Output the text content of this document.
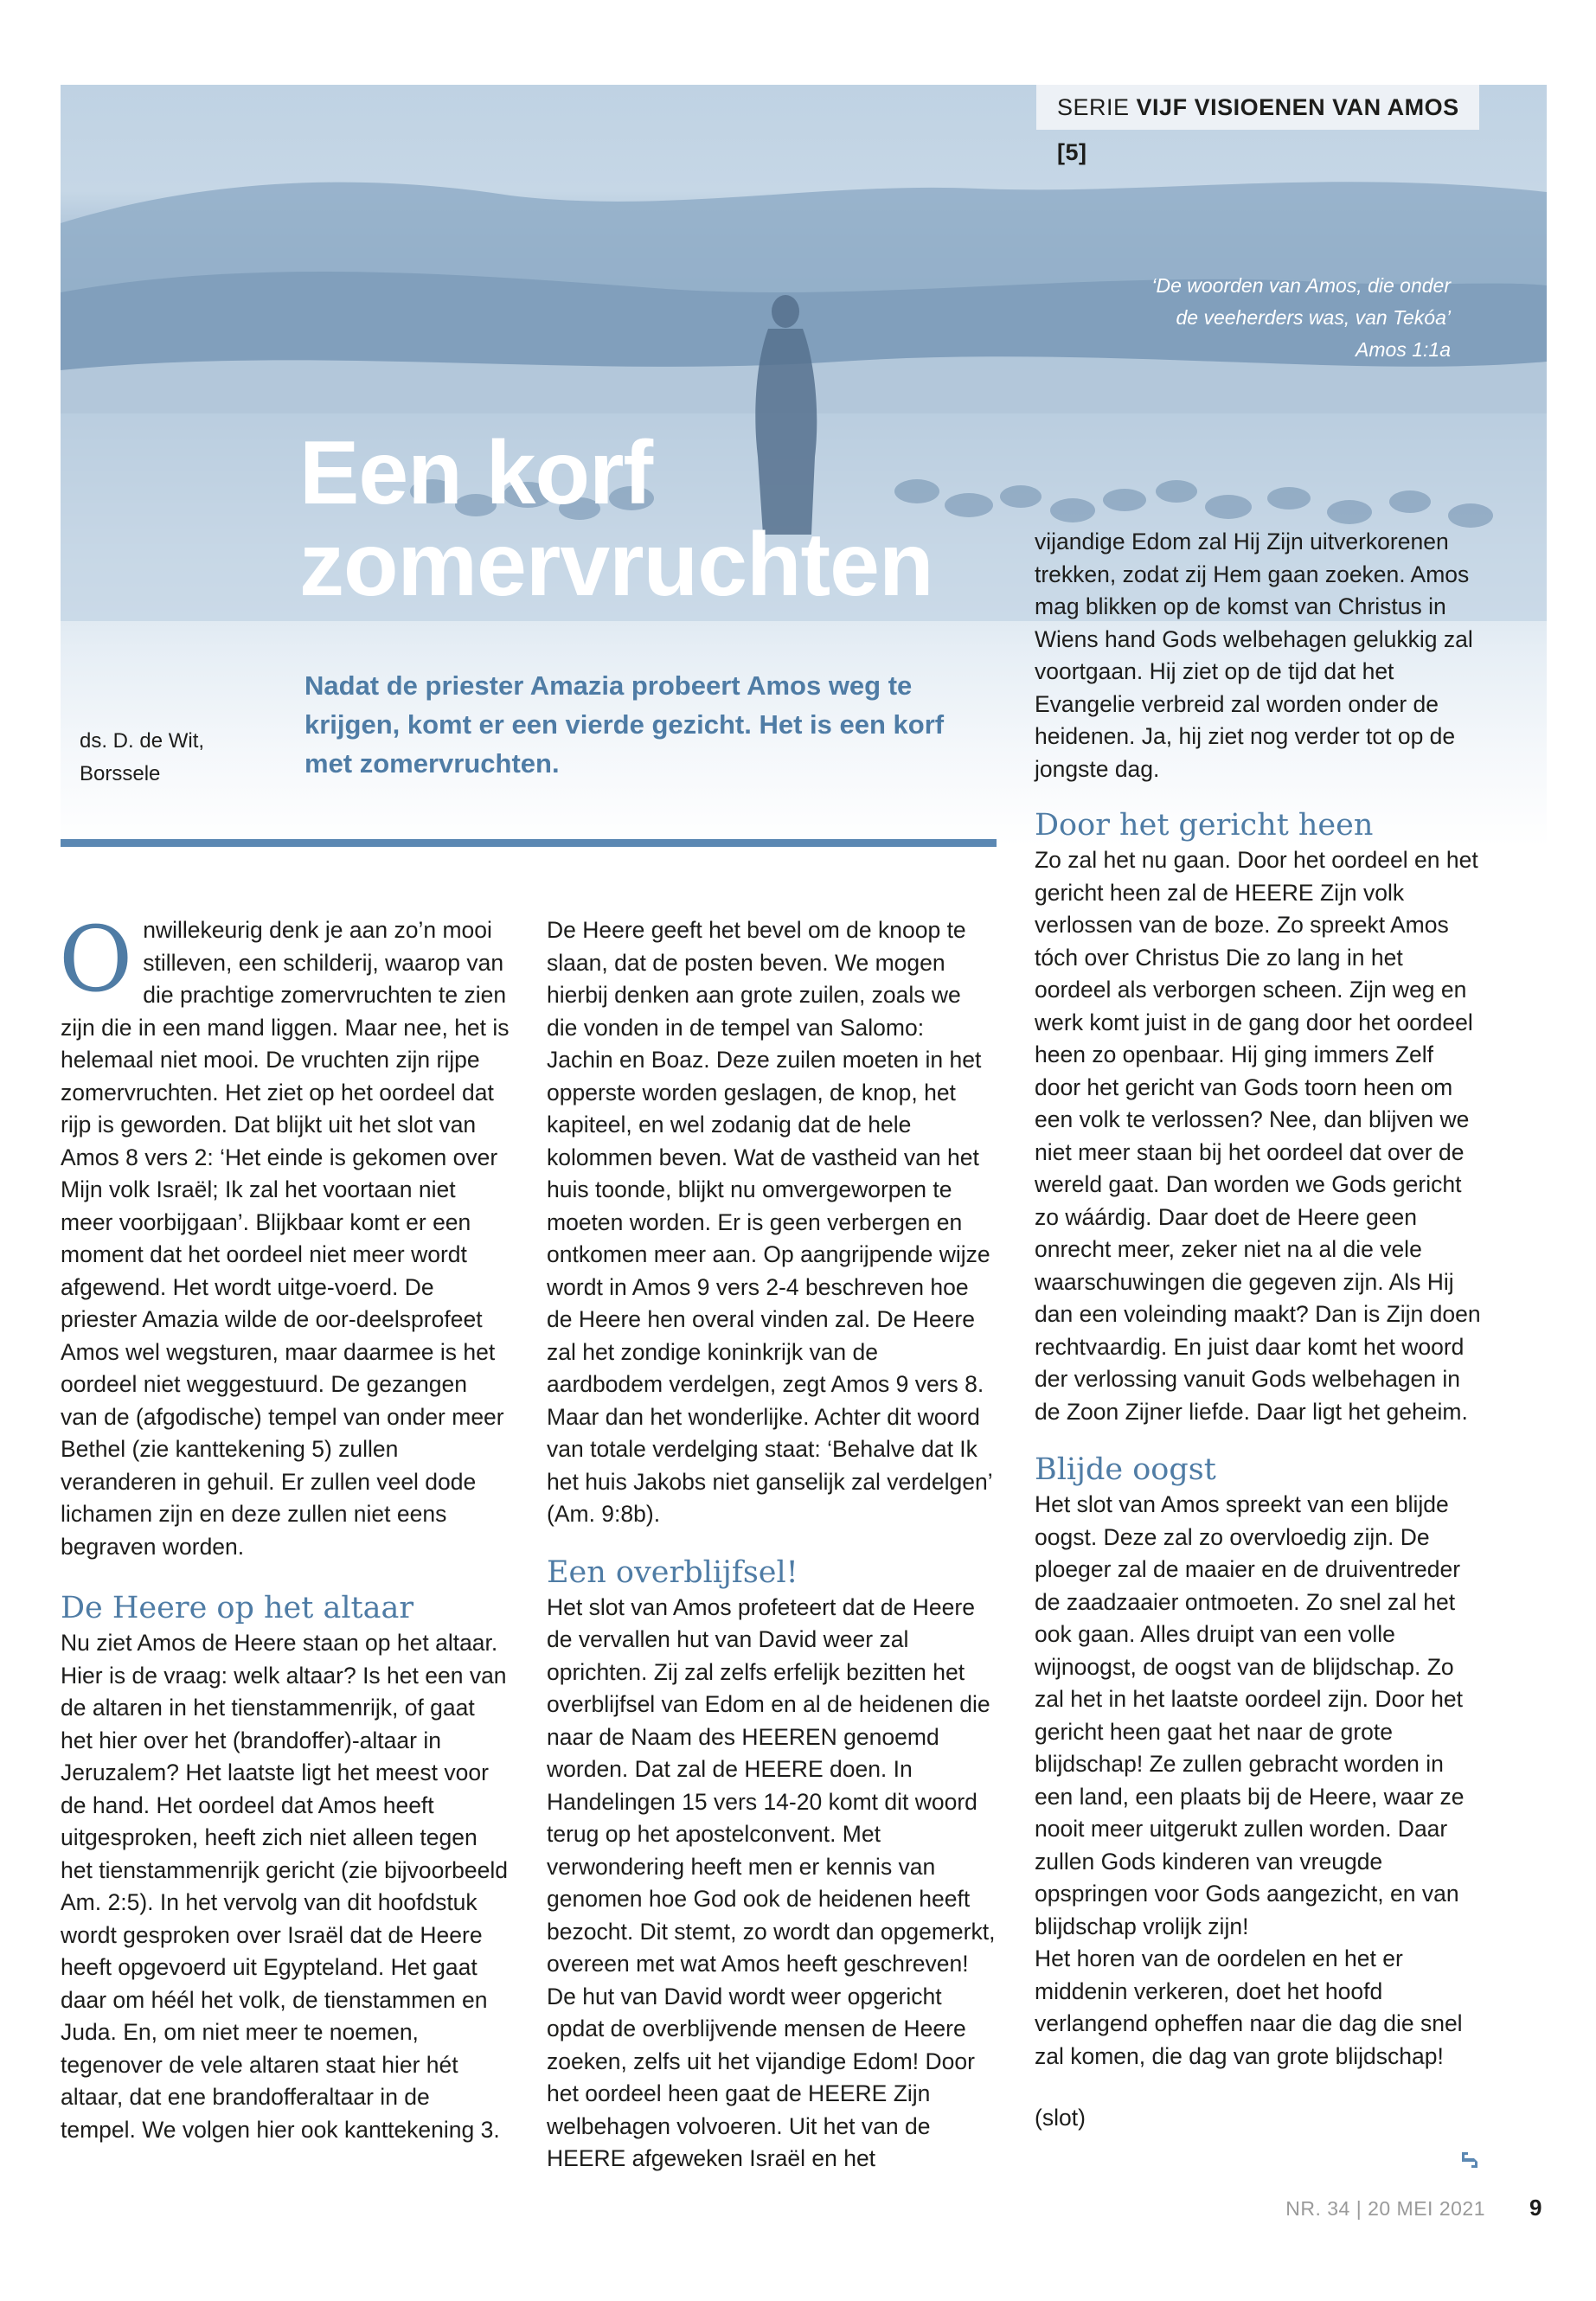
SERIE VIJF VISIOENEN VAN AMOS [5]
‘De woorden van Amos, die onder
de veeherders was, van Tekóa’
Amos 1:1a
Een korf
zomervruchten
Nadat de priester Amazia probeert Amos weg te krijgen, komt er een vierde gezicht. Het is een korf met zomervruchten.
ds. D. de Wit,
Borssele

Onwillekeurig denk je aan zo’n mooi stilleven, een schilderij, waarop van die prachtige zomervruchten te zien zijn die in een mand liggen. Maar nee, het is helemaal niet mooi. De vruchten zijn rijpe zomervruchten. Het ziet op het oordeel dat rijp is geworden. Dat blijkt uit het slot van Amos 8 vers 2: ‘Het einde is gekomen over Mijn volk Israël; Ik zal het voortaan niet meer voorbijgaan’. Blijkbaar komt er een moment dat het oordeel niet meer wordt afgewend. Het wordt uitge-voerd. De priester Amazia wilde de oor-deelsprofeet Amos wel wegsturen, maar daarmee is het oordeel niet weggestuurd. De gezangen van de (afgodische) tempel van onder meer Bethel (zie kanttekening 5) zullen veranderen in gehuil. Er zullen veel dode lichamen zijn en deze zullen niet eens begraven worden.

De Heere op het altaar

Nu ziet Amos de Heere staan op het altaar. Hier is de vraag: welk altaar? Is het een van de altaren in het tienstammenrijk, of gaat het hier over het (brandoffer)-altaar in Jeruzalem? Het laatste ligt het meest voor de hand. Het oordeel dat Amos heeft uitgesproken, heeft zich niet alleen tegen het tienstammenrijk gericht (zie bijvoorbeeld Am. 2:5). In het vervolg van dit hoofdstuk wordt gesproken over Israël dat de Heere heeft opgevoerd uit Egypteland. Het gaat daar om héél het volk, de tienstammen en Juda. En, om niet meer te noemen, tegenover de vele altaren staat hier hét altaar, dat ene brandofferaltaar in de tempel. We volgen hier ook kanttekening 3.

De Heere geeft het bevel om de knoop te slaan, dat de posten beven. We mogen hierbij denken aan grote zuilen, zoals we die vonden in de tempel van Salomo: Jachin en Boaz. Deze zuilen moeten in het opperste worden geslagen, de knop, het kapiteel, en wel zodanig dat de hele kolommen beven. Wat de vastheid van het huis toonde, blijkt nu omvergeworpen te moeten worden. Er is geen verbergen en ontkomen meer aan. Op aangrijpende wijze wordt in Amos 9 vers 2-4 beschreven hoe de Heere hen overal vinden zal. De Heere zal het zondige koninkrijk van de aardbodem verdelgen, zegt Amos 9 vers 8. Maar dan het wonderlijke. Achter dit woord van totale verdelging staat: ‘Behalve dat Ik het huis Jakobs niet ganselijk zal verdelgen’ (Am. 9:8b).

Een overblijfsel!

Het slot van Amos profeteert dat de Heere de vervallen hut van David weer zal oprichten. Zij zal zelfs erfelijk bezitten het overblijfsel van Edom en al de heidenen die naar de Naam des HEEREN genoemd worden. Dat zal de HEERE doen. In Handelingen 15 vers 14-20 komt dit woord terug op het apostelconvent. Met verwondering heeft men er kennis van genomen hoe God ook de heidenen heeft bezocht. Dit stemt, zo wordt dan opgemerkt, overeen met wat Amos heeft geschreven! De hut van David wordt weer opgericht opdat de overblijvende mensen de Heere zoeken, zelfs uit het vijandige Edom! Door het oordeel heen gaat de HEERE Zijn welbehagen volvoeren. Uit het van de HEERE afgeweken Israël en het

vijandige Edom zal Hij Zijn uitverkorenen trekken, zodat zij Hem gaan zoeken. Amos mag blikken op de komst van Christus in Wiens hand Gods welbehagen gelukkig zal voortgaan. Hij ziet op de tijd dat het Evangelie verbreid zal worden onder de heidenen. Ja, hij ziet nog verder tot op de jongste dag.

Door het gericht heen

Zo zal het nu gaan. Door het oordeel en het gericht heen zal de HEERE Zijn volk verlossen van de boze. Zo spreekt Amos tóch over Christus Die zo lang in het oordeel als verborgen scheen. Zijn weg en werk komt juist in de gang door het oordeel heen zo openbaar. Hij ging immers Zelf door het gericht van Gods toorn heen om een volk te verlossen? Nee, dan blijven we niet meer staan bij het oordeel dat over de wereld gaat. Dan worden we Gods gericht zo wáárdig. Daar doet de Heere geen onrecht meer, zeker niet na al die vele waarschuwingen die gegeven zijn. Als Hij dan een voleinding maakt? Dan is Zijn doen rechtvaardig. En juist daar komt het woord der verlossing vanuit Gods welbehagen in de Zoon Zijner liefde. Daar ligt het geheim.

Blijde oogst

Het slot van Amos spreekt van een blijde oogst. Deze zal zo overvloedig zijn. De ploeger zal de maaier en de druiventreder de zaadzaaier ontmoeten. Zo snel zal het ook gaan. Alles druipt van een volle wijnoogst, de oogst van de blijdschap. Zo zal het in het laatste oordeel zijn. Door het gericht heen gaat het naar de grote blijdschap! Ze zullen gebracht worden in een land, een plaats bij de Heere, waar ze nooit meer uitgerukt zullen worden. Daar zullen Gods kinderen van vreugde opspringen voor Gods aangezicht, en van blijdschap vrolijk zijn!

Het horen van de oordelen en het er middenin verkeren, doet het hoofd verlangend opheffen naar die dag die snel zal komen, die dag van grote blijdschap!

(slot)

NR. 34 | 20 MEI 2021 9
